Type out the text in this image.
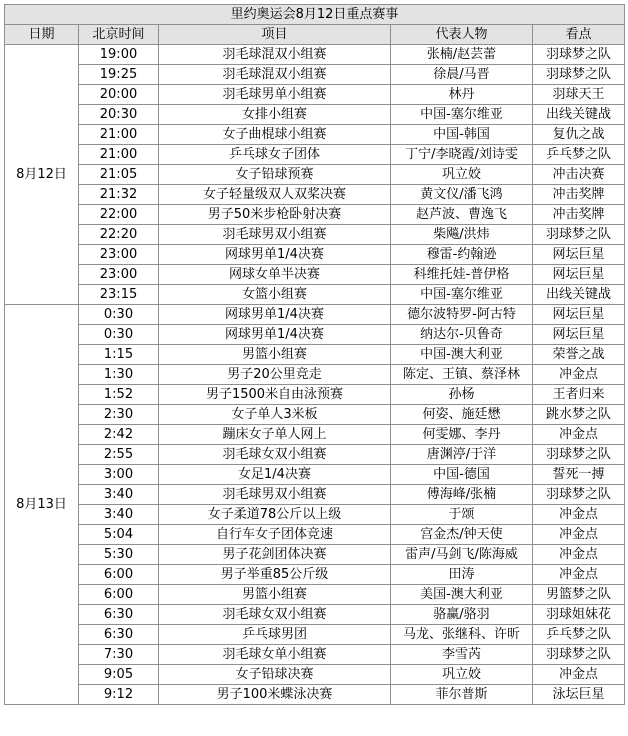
里约奥运会8月12日重点赛事				
日期	北京时间	项目	代表人物	看点
8月12日	19:00	羽毛球混双小组赛	张楠/赵芸蕾	羽球梦之队
	19:25	羽毛球混双小组赛	徐晨/马晋	羽球梦之队
	20:00	羽毛球男单小组赛	林丹	羽球天王
	20:30	女排小组赛	中国-塞尔维亚	出线关键战
	21:00	女子曲棍球小组赛	中国-韩国	复仇之战
	21:00	乒乓球女子团体	丁宁/李晓霞/刘诗雯	乒乓梦之队
	21:05	女子铅球预赛	巩立姣	冲击决赛
	21:32	女子轻量级双人双桨决赛	黄文仪/潘飞鸿	冲击奖牌
	22:00	男子50米步枪卧射决赛	赵芦波、曹逸飞	冲击奖牌
	22:20	羽毛球男双小组赛	柴飚/洪炜	羽球梦之队
	23:00	网球男单1/4决赛	穆雷-约翰逊	网坛巨星
	23:00	网球女单半决赛	科维托娃-普伊格	网坛巨星
	23:15	女篮小组赛	中国-塞尔维亚	出线关键战
8月13日	0:30	网球男单1/4决赛	德尔波特罗-阿古特	网坛巨星
	0:30	网球男单1/4决赛	纳达尔-贝鲁奇	网坛巨星
	1:15	男篮小组赛	中国-澳大利亚	荣誉之战
	1:30	男子20公里竞走	陈定、王镇、蔡泽林	冲金点
	1:52	男子1500米自由泳预赛	孙杨	王者归来
	2:30	女子单人3米板	何姿、施廷懋	跳水梦之队
	2:42	蹦床女子单人网上	何雯娜、李丹	冲金点
	2:55	羽毛球女双小组赛	唐渊渟/于洋	羽球梦之队
	3:00	女足1/4决赛	中国-德国	誓死一搏
	3:40	羽毛球男双小组赛	傅海峰/张楠	羽球梦之队
	3:40	女子柔道78公斤以上级	于颂	冲金点
	5:04	自行车女子团体竞速	宫金杰/钟天使	冲金点
	5:30	男子花剑团体决赛	雷声/马剑飞/陈海威	冲金点
	6:00	男子举重85公斤级	田涛	冲金点
	6:00	男篮小组赛	美国-澳大利亚	男篮梦之队
	6:30	羽毛球女双小组赛	骆赢/骆羽	羽球姐妹花
	6:30	乒乓球男团	马龙、张继科、许昕	乒乓梦之队
	7:30	羽毛球女单小组赛	李雪芮	羽球梦之队
	9:05	女子铅球决赛	巩立姣	冲金点
	9:12	男子100米蝶泳决赛	菲尔普斯	泳坛巨星
